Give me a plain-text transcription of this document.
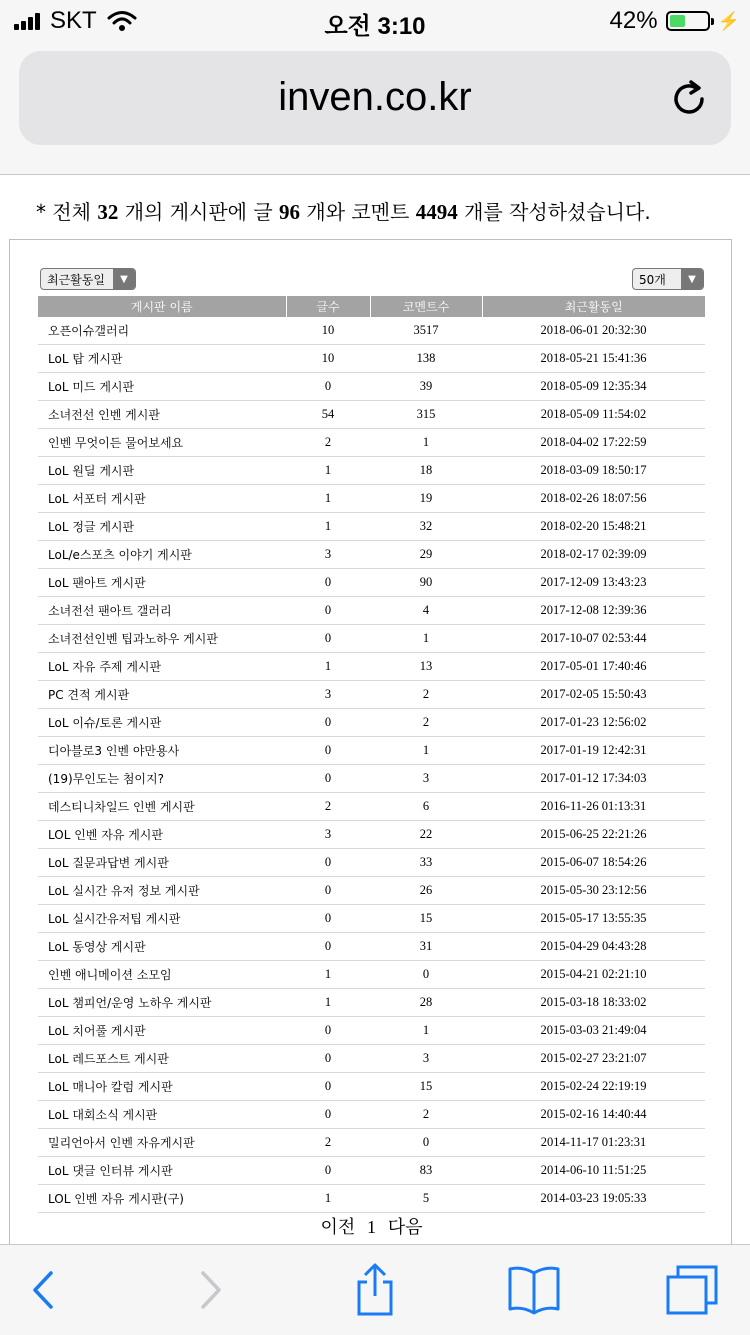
SKT	오전 3:10	42%	⚡
inven.co.kr
* 전체 32 개의 게시판에 글 96 개와 코멘트 4494 개를 작성하셨습니다.
최근활동일	▼	50개	▼
게시판 이름	글수	코멘트수	최근활동일
오픈이슈갤러리	10	3517	2018-06-01 20:32:30
LoL 탑 게시판	10	138	2018-05-21 15:41:36
LoL 미드 게시판	0	39	2018-05-09 12:35:34
소녀전선 인벤 게시판	54	315	2018-05-09 11:54:02
인벤 무엇이든 물어보세요	2	1	2018-04-02 17:22:59
LoL 원딜 게시판	1	18	2018-03-09 18:50:17
LoL 서포터 게시판	1	19	2018-02-26 18:07:56
LoL 정글 게시판	1	32	2018-02-20 15:48:21
LoL/e스포츠 이야기 게시판	3	29	2018-02-17 02:39:09
LoL 팬아트 게시판	0	90	2017-12-09 13:43:23
소녀전선 팬아트 갤러리	0	4	2017-12-08 12:39:36
소녀전선인벤 팁과노하우 게시판	0	1	2017-10-07 02:53:44
LoL 자유 주제 게시판	1	13	2017-05-01 17:40:46
PC 견적 게시판	3	2	2017-02-05 15:50:43
LoL 이슈/토론 게시판	0	2	2017-01-23 12:56:02
디아블로3 인벤 야만용사	0	1	2017-01-19 12:42:31
(19)무인도는 첨이지?	0	3	2017-01-12 17:34:03
데스티니차일드 인벤 게시판	2	6	2016-11-26 01:13:31
LOL 인벤 자유 게시판	3	22	2015-06-25 22:21:26
LoL 질문과답변 게시판	0	33	2015-06-07 18:54:26
LoL 실시간 유저 정보 게시판	0	26	2015-05-30 23:12:56
LoL 실시간유저팁 게시판	0	15	2015-05-17 13:55:35
LoL 동영상 게시판	0	31	2015-04-29 04:43:28
인벤 애니메이션 소모임	1	0	2015-04-21 02:21:10
LoL 챔피언/운영 노하우 게시판	1	28	2015-03-18 18:33:02
LoL 치어풀 게시판	0	1	2015-03-03 21:49:04
LoL 레드포스트 게시판	0	3	2015-02-27 23:21:07
LoL 매니아 칼럼 게시판	0	15	2015-02-24 22:19:19
LoL 대회소식 게시판	0	2	2015-02-16 14:40:44
밀리언아서 인벤 자유게시판	2	0	2014-11-17 01:23:31
LoL 댓글 인터뷰 게시판	0	83	2014-06-10 11:51:25
LOL 인벤 자유 게시판(구)	1	5	2014-03-23 19:05:33
이전 1 다음
